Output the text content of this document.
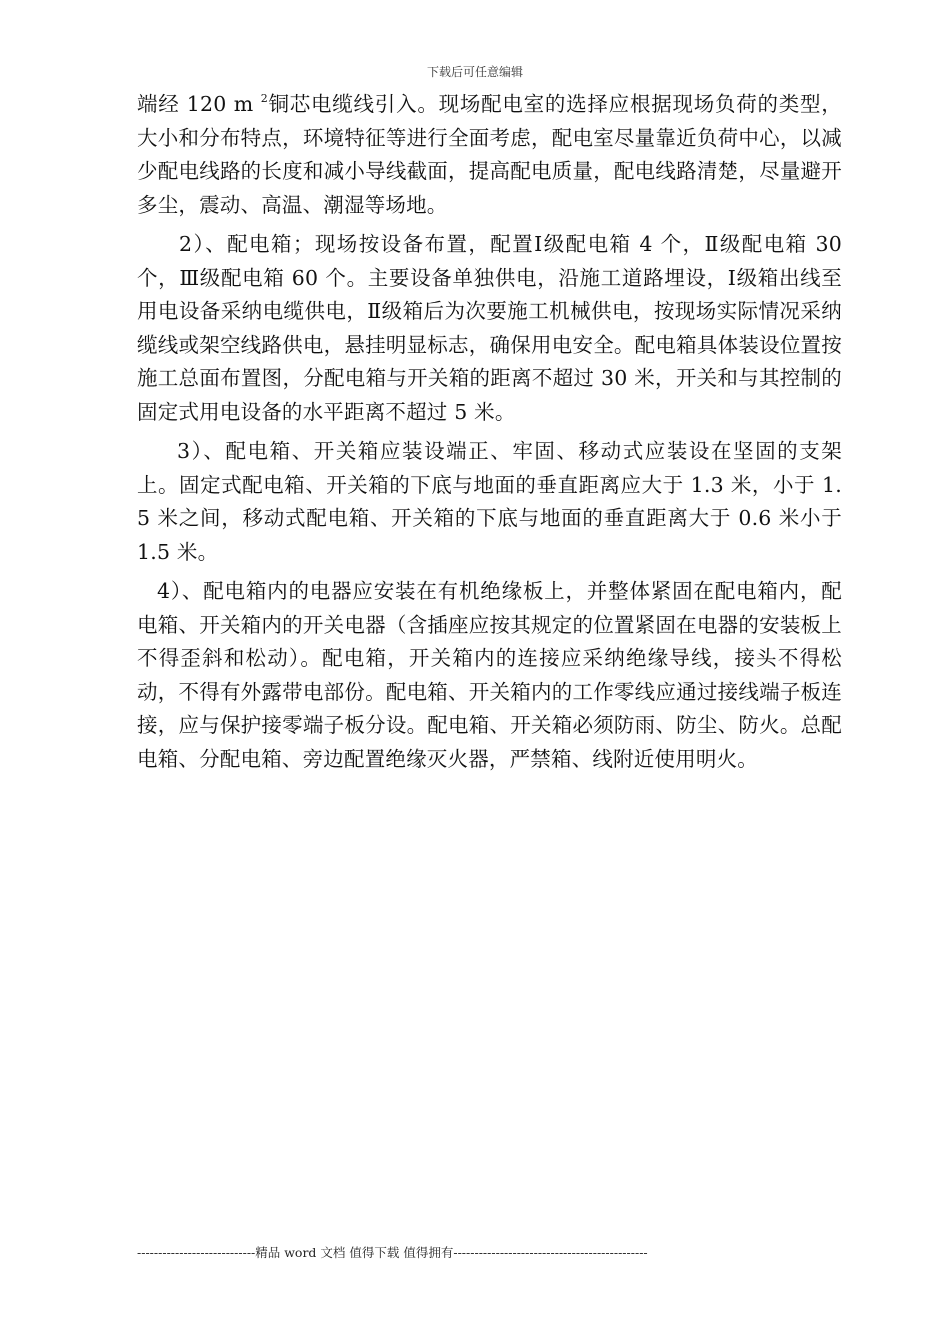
下载后可任意编辑

端经 120 m $^2$铜芯电缆线引入。现场配电室的选择应根据现场负荷的类型，大小和分布特点，环境特征等进行全面考虑，配电室尽量靠近负荷中心，以减少配电线路的长度和减小导线截面，提高配电质量，配电线路清楚，尽量避开多尘，震动、高温、潮湿等场地。

2）、配电箱；现场按设备布置，配置Ⅰ级配电箱 4 个，Ⅱ级配电箱 30 个，Ⅲ级配电箱 60 个。主要设备单独供电，沿施工道路埋设，Ⅰ级箱出线至用电设备采纳电缆供电，Ⅱ级箱后为次要施工机械供电，按现场实际情况采纳缆线或架空线路供电，悬挂明显标志，确保用电安全。配电箱具体装设位置按施工总面布置图，分配电箱与开关箱的距离不超过 30 米，开关和与其控制的固定式用电设备的水平距离不超过 5 米。

3）、配电箱、开关箱应装设端正、牢固、移动式应装设在坚固的支架上。固定式配电箱、开关箱的下底与地面的垂直距离应大于 1.3 米，小于 1.5 米之间，移动式配电箱、开关箱的下底与地面的垂直距离大于 0.6 米小于 1.5 米。

4）、配电箱内的电器应安装在有机绝缘板上，并整体紧固在配电箱内，配电箱、开关箱内的开关电器（含插座应按其规定的位置紧固在电器的安装板上不得歪斜和松动）。配电箱，开关箱内的连接应采纳绝缘导线，接头不得松动，不得有外露带电部份。配电箱、开关箱内的工作零线应通过接线端子板连接，应与保护接零端子板分设。配电箱、开关箱必须防雨、防尘、防火。总配电箱、分配电箱、旁边配置绝缘灭火器，严禁箱、线附近使用明火。

----------------------------精品 word 文档 值得下载 值得拥有----------------------------------------------
